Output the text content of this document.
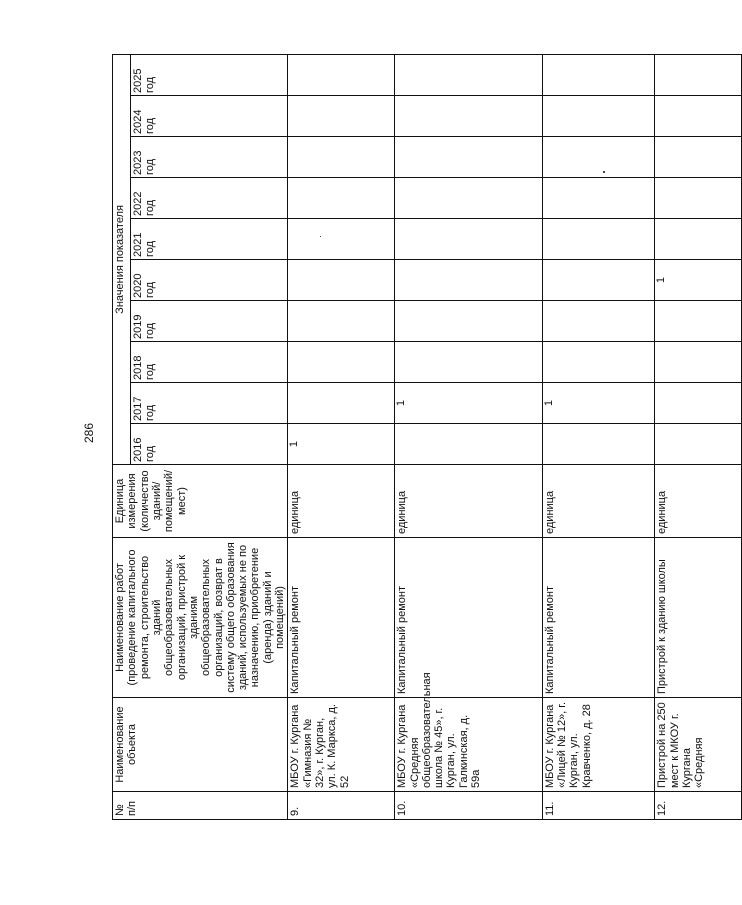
286
№
п/п	Наименование объекта	Наименование работ (проведение капитального ремонта, строительство зданий общеобразовательных организаций, пристрой к зданиям общеобразовательных организаций, возврат в систему общего образования зданий, используемых не по назначению, приобретение (аренда) зданий и помещений)	Единица измерения (количество зданий/ помещений/ мест)	Значения показателя									

				2016 год	2017 год	2018 год	2019 год	2020 год	2021 год	2022 год	2023 год	2024 год	2025 год

9.	МБОУ г. Кургана «Гимназия № 32», г. Курган, ул. К. Маркса, д. 52	Капитальный ремонт	единица	1									
10.	МБОУ г. Кургана «Средняя общеобразовательная школа № 45», г. Курган, ул. Галкинская, д. 59а	Капитальный ремонт	единица		1								
11.	МБОУ г. Кургана «Лицей № 12», г. Курган, ул. Кравченко, д. 28	Капитальный ремонт	единица		1								
12.	Пристрой на 250 мест к МКОУ г. Кургана «Средняя	Пристрой к зданию школы	единица					1					
